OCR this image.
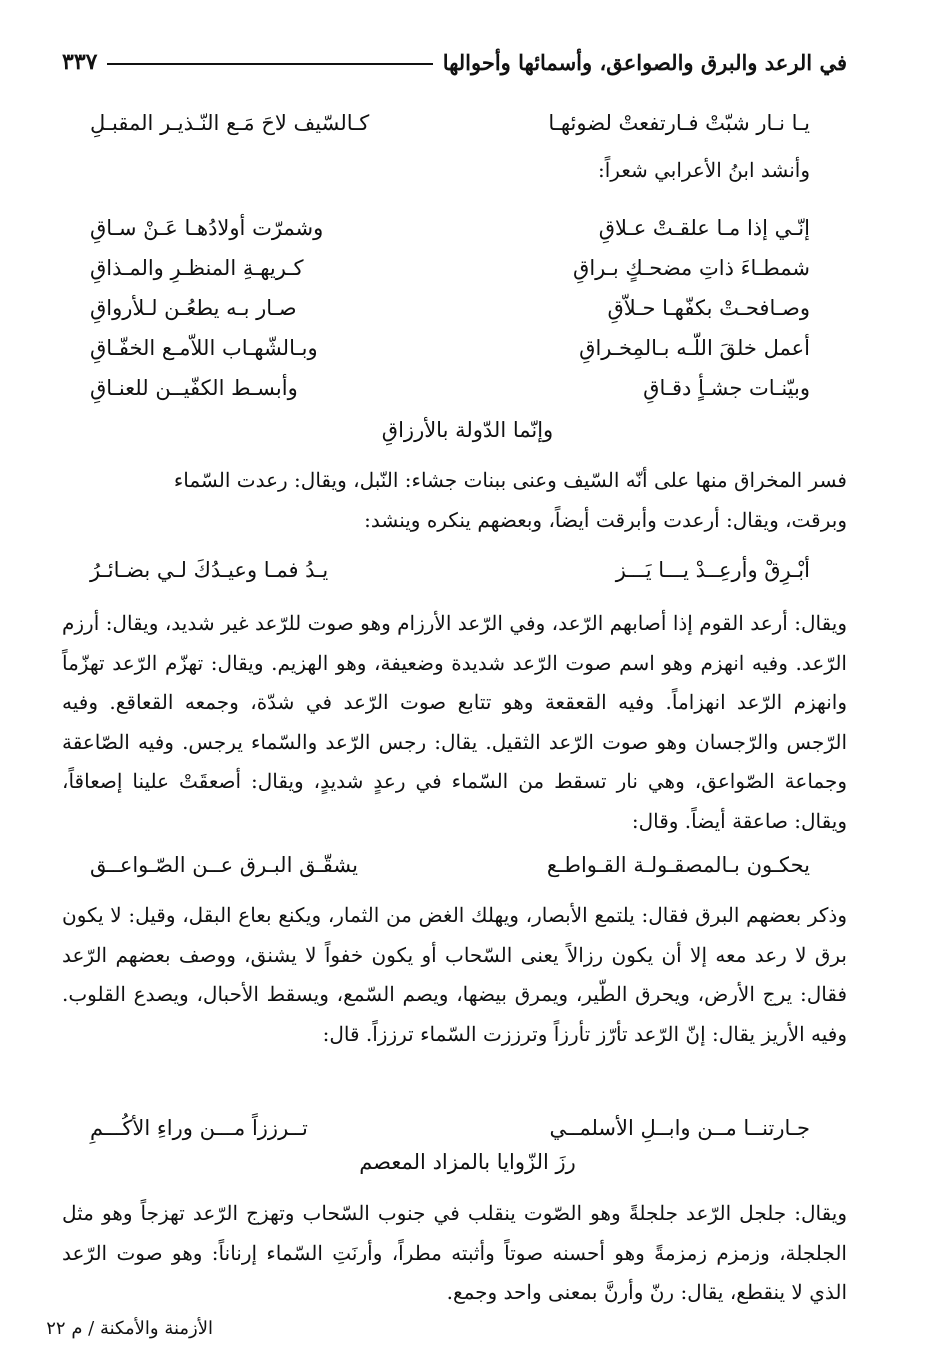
في الرعد والبرق والصواعق، وأسمائها وأحوالها
٣٣٧
يـا نـار شبّتْ فـارتفعتْ لضوئهـا
كـالسّيف لاحَ مَـع النّـذيـر المقبـلِ
وأنشد ابنُ الأعرابي شعراً:
إنّـي إذا مـا علقـتْ عـلاقِ
وشمرّت أولادُهـا عَـنْ سـاقِ
شمطـاءَ ذاتِ مضحـكٍ بـراقِ
كـريهـةِ المنظـرِ والمـذاقِ
وصـافحـتْ بكفّهـا حـلاّقِ
صـار بـه يطعُـن لـلأرواقِ
أعمل خلقَ اللّـه بـالمِخـراقِ
وبـالشّهـاب اللاّمـع الخفّـاقِ
وبيّنـات جشـأٍ دقـاقِ
وأبسـط الكفّيــن للعنـاقِ
وإنّما الدّولة بالأرزاقِ
فسر المخراق منها على أنّه السّيف وعنى ببنات جشاء: النّبل، ويقال: رعدت السّماء
وبرقت، ويقال: أرعدت وأبرقت أيضاً، وبعضهم ينكره وينشد:
أبْـرِقْ وأرعِــدْ يـــا يَـــز
يـدُ فمـا وعيـدُكَ لـي بضـائـرُ
ويقال: أرعد القوم إذا أصابهم الرّعد، وفي الرّعد الأرزام وهو صوت للرّعد غير شديد، ويقال: أرزم الرّعد. وفيه انهزم وهو اسم صوت الرّعد شديدة وضعيفة، وهو الهزيم. ويقال: تهزّم الرّعد تهزّماً وانهزم الرّعد انهزاماً. وفيه القعقعة وهو تتابع صوت الرّعد في شدّة، وجمعه القعاقع. وفيه الرّجس والرّجسان وهو صوت الرّعد الثقيل. يقال: رجس الرّعد والسّماء يرجس. وفيه الصّاعقة وجماعة الصّواعق، وهي نار تسقط من السّماء في رعدٍ شديدٍ، ويقال: أصعقَتْ علينا إصعاقاً، ويقال: صاعقة أيضاً. وقال:
يحكـون بـالمصقـولـة القـواطـع
يشقّـق البـرق عــن الصّـواعــق
وذكر بعضهم البرق فقال: يلتمع الأبصار، ويهلك الغض من الثمار، ويكنع بعاع البقل، وقيل: لا يكون برق لا رعد معه إلا أن يكون رزالاً يعنى السّحاب أو يكون خفواً لا يشنق، ووصف بعضهم الرّعد فقال: يرج الأرض، ويحرق الطّير، ويمرق بيضها، ويصم السّمع، ويسقط الأحبال، ويصدع القلوب. وفيه الأريز يقال: إنّ الرّعد تأرّز تأرزاً وترززت السّماء ترززاً. قال:
جـارتنــا مــن وابــلِ الأسلمــي
تــرززاً مـــن وراءِ الأكُـــمِ
رزَ الزّوايا بالمزاد المعصم
ويقال: جلجل الرّعد جلجلةً وهو الصّوت ينقلب في جنوب السّحاب وتهزج الرّعد تهزجاً وهو مثل الجلجلة، وزمزم زمزمةً وهو أحسنه صوتاً وأثبته مطراً، وأرنَتِ السّماء إرناناً: وهو صوت الرّعد الذي لا ينقطع، يقال: رنّ وأرنَّ بمعنى واحد وجمع.
الأزمنة والأمكنة / م ٢٢
